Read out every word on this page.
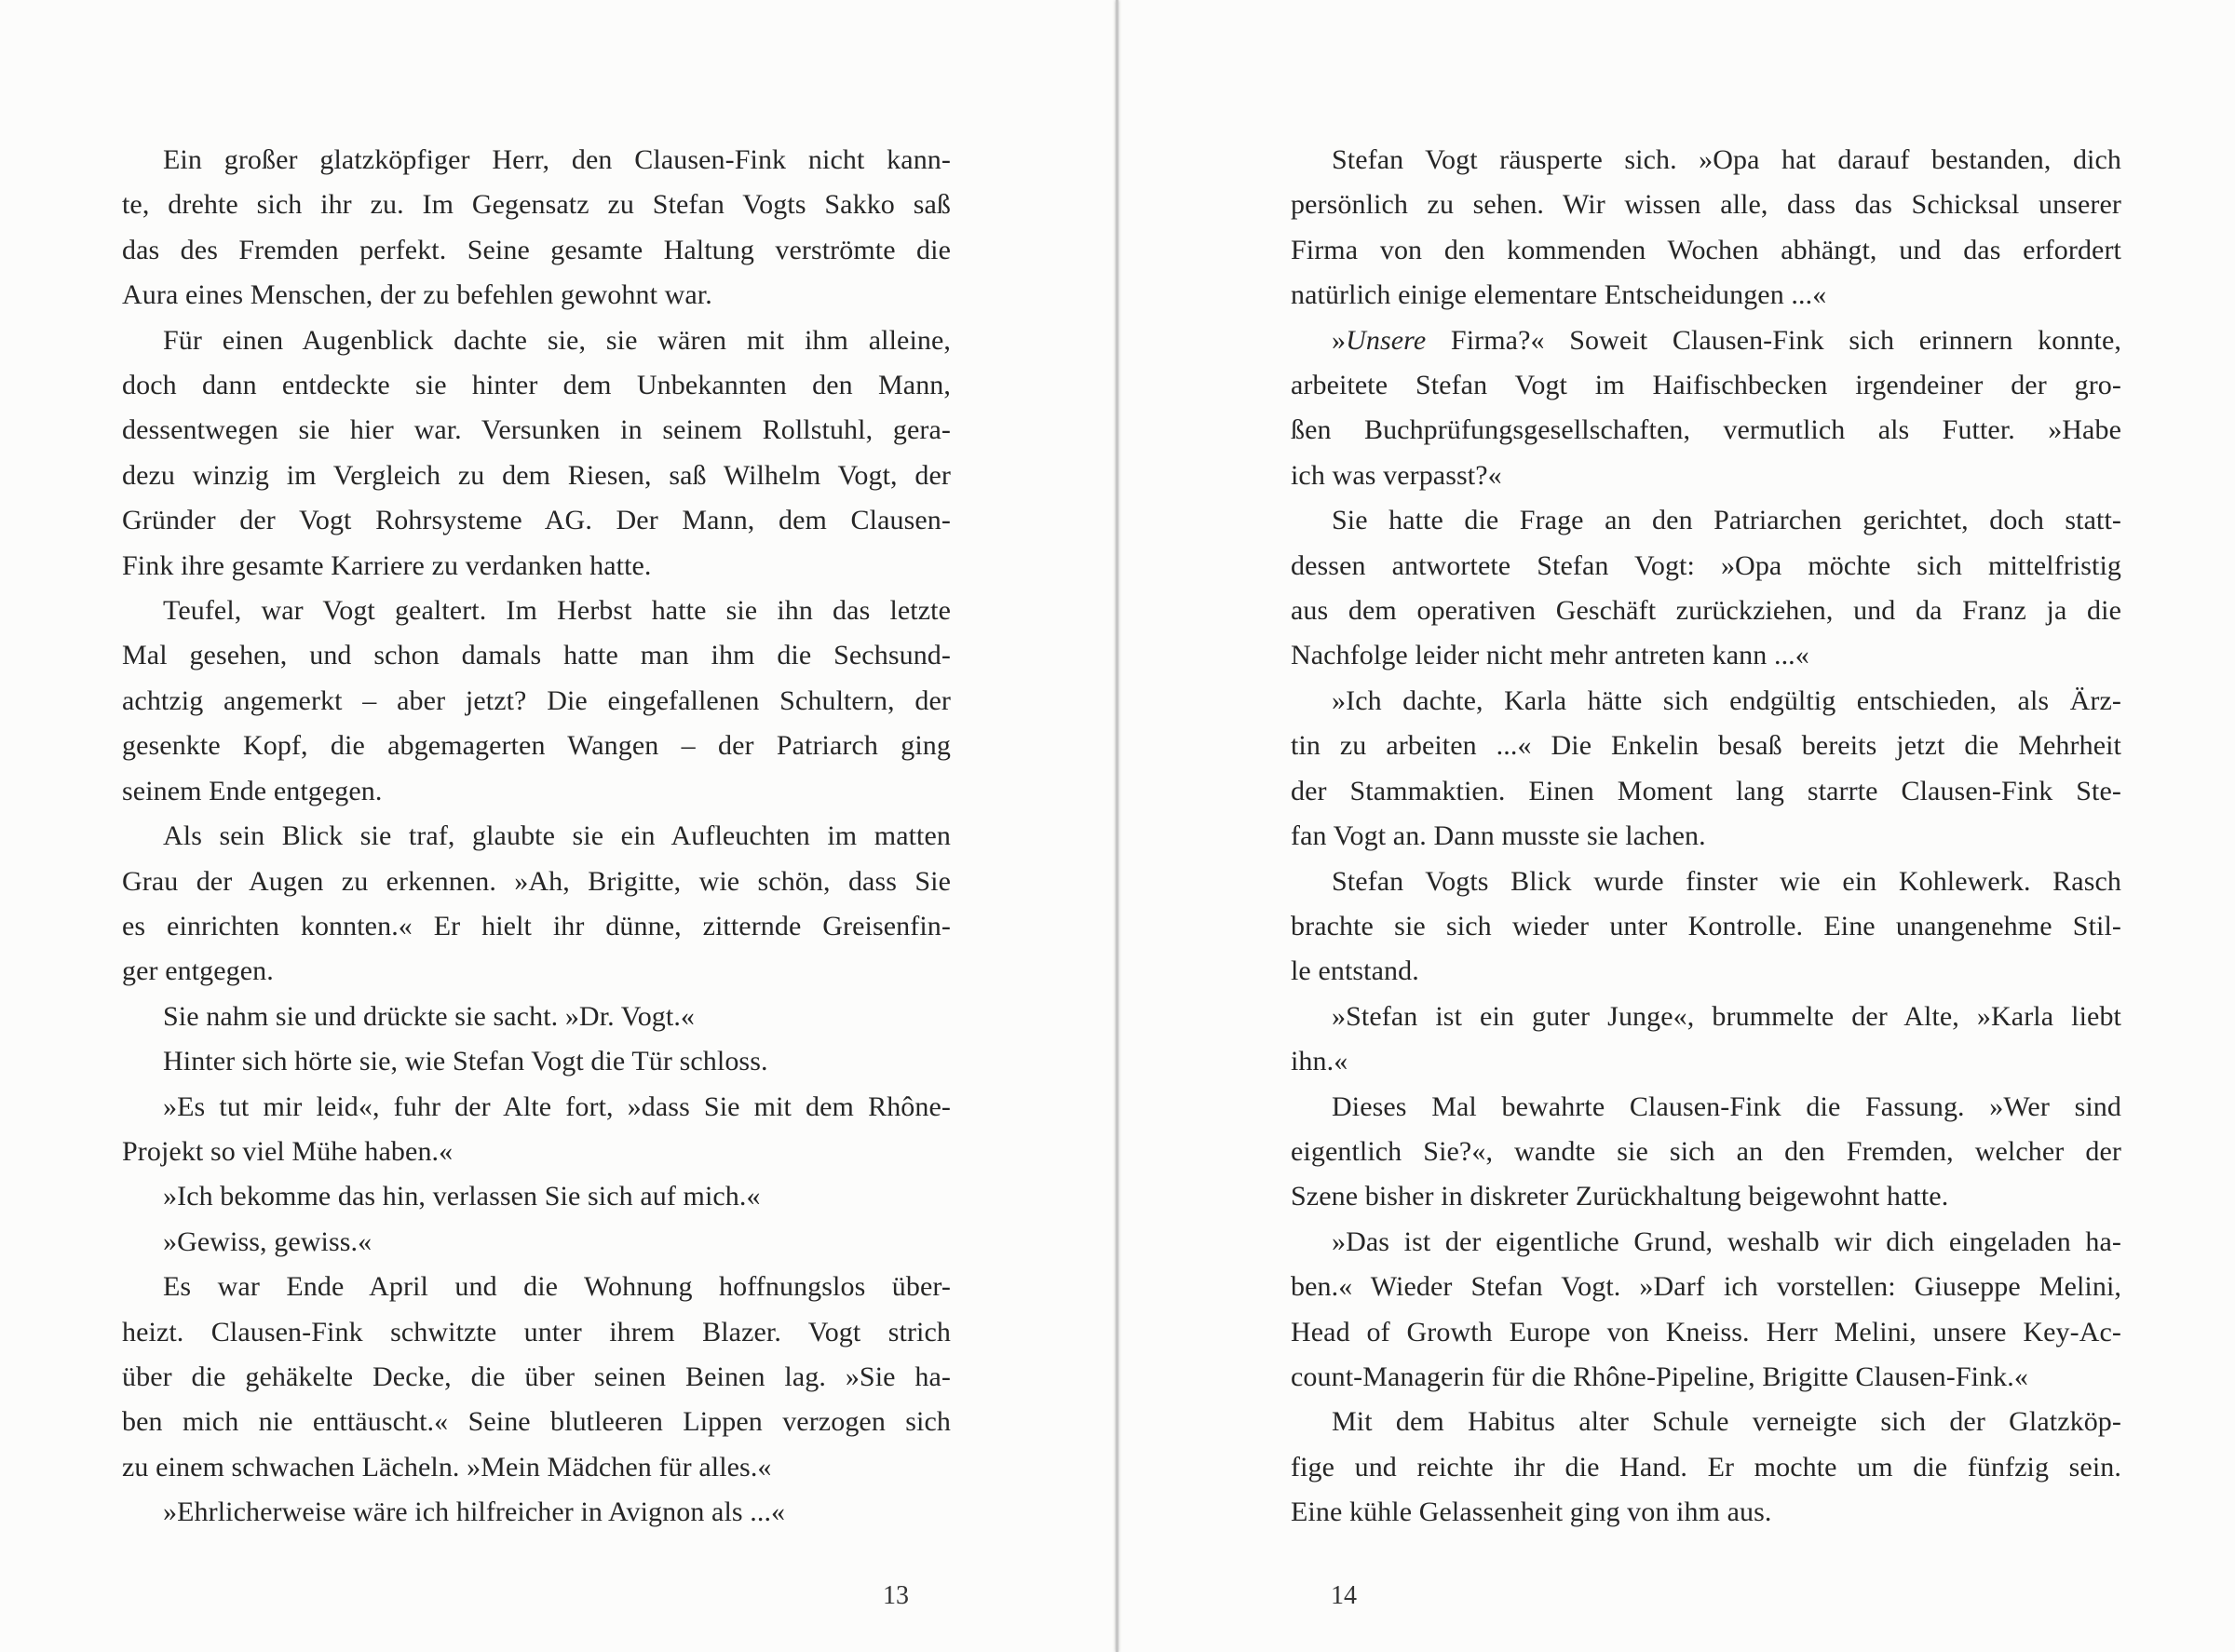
Ein großer glatzköpfiger Herr, den Clausen-Fink nicht kann-
te, drehte sich ihr zu. Im Gegensatz zu Stefan Vogts Sakko saß
das des Fremden perfekt. Seine gesamte Haltung verströmte die
Aura eines Menschen, der zu befehlen gewohnt war.
Für einen Augenblick dachte sie, sie wären mit ihm alleine,
doch dann entdeckte sie hinter dem Unbekannten den Mann,
dessentwegen sie hier war. Versunken in seinem Rollstuhl, gera-
dezu winzig im Vergleich zu dem Riesen, saß Wilhelm Vogt, der
Gründer der Vogt Rohrsysteme AG. Der Mann, dem Clausen-
Fink ihre gesamte Karriere zu verdanken hatte.
Teufel, war Vogt gealtert. Im Herbst hatte sie ihn das letzte
Mal gesehen, und schon damals hatte man ihm die Sechsund-
achtzig angemerkt – aber jetzt? Die eingefallenen Schultern, der
gesenkte Kopf, die abgemagerten Wangen – der Patriarch ging
seinem Ende entgegen.
Als sein Blick sie traf, glaubte sie ein Aufleuchten im matten
Grau der Augen zu erkennen. »Ah, Brigitte, wie schön, dass Sie
es einrichten konnten.« Er hielt ihr dünne, zitternde Greisenfin-
ger entgegen.
Sie nahm sie und drückte sie sacht. »Dr. Vogt.«
Hinter sich hörte sie, wie Stefan Vogt die Tür schloss.
»Es tut mir leid«, fuhr der Alte fort, »dass Sie mit dem Rhône-
Projekt so viel Mühe haben.«
»Ich bekomme das hin, verlassen Sie sich auf mich.«
»Gewiss, gewiss.«
Es war Ende April und die Wohnung hoffnungslos über-
heizt. Clausen-Fink schwitzte unter ihrem Blazer. Vogt strich
über die gehäkelte Decke, die über seinen Beinen lag. »Sie ha-
ben mich nie enttäuscht.« Seine blutleeren Lippen verzogen sich
zu einem schwachen Lächeln. »Mein Mädchen für alles.«
»Ehrlicherweise wäre ich hilfreicher in Avignon als ...«
Stefan Vogt räusperte sich. »Opa hat darauf bestanden, dich
persönlich zu sehen. Wir wissen alle, dass das Schicksal unserer
Firma von den kommenden Wochen abhängt, und das erfordert
natürlich einige elementare Entscheidungen ...«
»Unsere Firma?« Soweit Clausen-Fink sich erinnern konnte,
arbeitete Stefan Vogt im Haifischbecken irgendeiner der gro-
ßen Buchprüfungsgesellschaften, vermutlich als Futter. »Habe
ich was verpasst?«
Sie hatte die Frage an den Patriarchen gerichtet, doch statt-
dessen antwortete Stefan Vogt: »Opa möchte sich mittelfristig
aus dem operativen Geschäft zurückziehen, und da Franz ja die
Nachfolge leider nicht mehr antreten kann ...«
»Ich dachte, Karla hätte sich endgültig entschieden, als Ärz-
tin zu arbeiten ...« Die Enkelin besaß bereits jetzt die Mehrheit
der Stammaktien. Einen Moment lang starrte Clausen-Fink Ste-
fan Vogt an. Dann musste sie lachen.
Stefan Vogts Blick wurde finster wie ein Kohlewerk. Rasch
brachte sie sich wieder unter Kontrolle. Eine unangenehme Stil-
le entstand.
»Stefan ist ein guter Junge«, brummelte der Alte, »Karla liebt
ihn.«
Dieses Mal bewahrte Clausen-Fink die Fassung. »Wer sind
eigentlich Sie?«, wandte sie sich an den Fremden, welcher der
Szene bisher in diskreter Zurückhaltung beigewohnt hatte.
»Das ist der eigentliche Grund, weshalb wir dich eingeladen ha-
ben.« Wieder Stefan Vogt. »Darf ich vorstellen: Giuseppe Melini,
Head of Growth Europe von Kneiss. Herr Melini, unsere Key-Ac-
count-Managerin für die Rhône-Pipeline, Brigitte Clausen-Fink.«
Mit dem Habitus alter Schule verneigte sich der Glatzköp-
fige und reichte ihr die Hand. Er mochte um die fünfzig sein.
Eine kühle Gelassenheit ging von ihm aus.
13	14
